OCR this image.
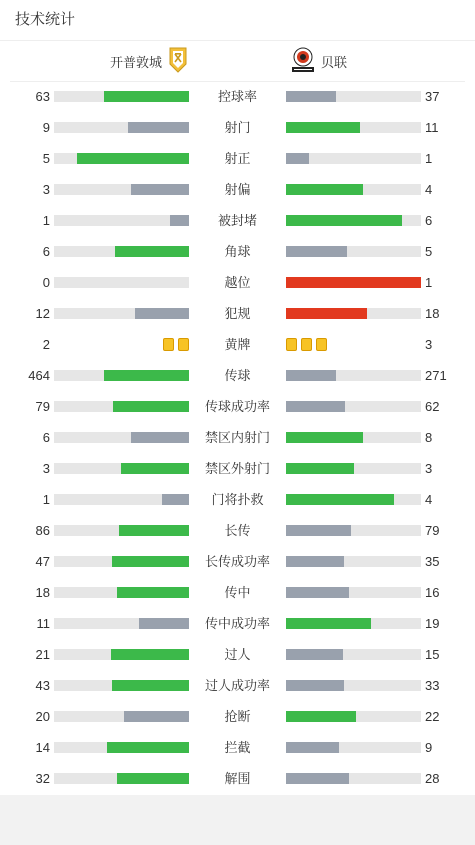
技术统计
开普敦城	贝联
63	控球率	37
9	射门	11
5	射正	1
3	射偏	4
1	被封堵	6
6	角球	5
0	越位	1
12	犯规	18
2	黄牌	3
464	传球	271
79	传球成功率	62
6	禁区内射门	8
3	禁区外射门	3
1	门将扑救	4
86	长传	79
47	长传成功率	35
18	传中	16
11	传中成功率	19
21	过人	15
43	过人成功率	33
20	抢断	22
14	拦截	9
32	解围	28
